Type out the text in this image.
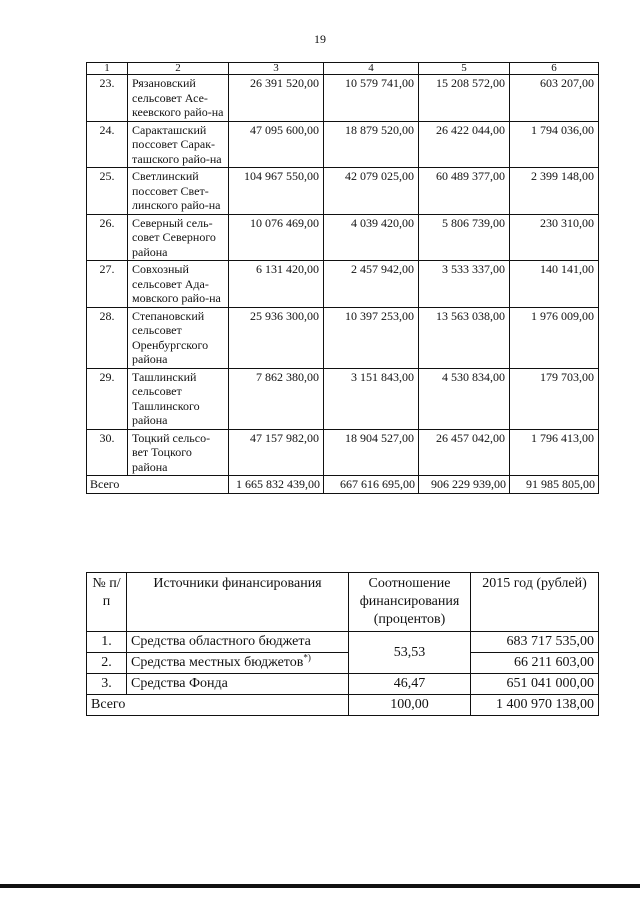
19
1	2	3	4	5	6
23.	Рязановский сельсовет Асе-кеевского райо-на	26 391 520,00	10 579 741,00	15 208 572,00	603 207,00
24.	Саракташский поссовет Сарак-ташского райо-на	47 095 600,00	18 879 520,00	26 422 044,00	1 794 036,00
25.	Светлинский поссовет Свет-линского райо-на	104 967 550,00	42 079 025,00	60 489 377,00	2 399 148,00
26.	Северный сель-совет Северного района	10 076 469,00	4 039 420,00	5 806 739,00	230 310,00
27.	Совхозный сельсовет Ада-мовского райо-на	6 131 420,00	2 457 942,00	3 533 337,00	140 141,00
28.	Степановский сельсовет Оренбургского района	25 936 300,00	10 397 253,00	13 563 038,00	1 976 009,00
29.	Ташлинский сельсовет Ташлинского района	7 862 380,00	3 151 843,00	4 530 834,00	179 703,00
30.	Тоцкий сельсо-вет Тоцкого района	47 157 982,00	18 904 527,00	26 457 042,00	1 796 413,00
Всего		1 665 832 439,00	667 616 695,00	906 229 939,00	91 985 805,00
№ п/п	Источники финансирования	Соотношение финансирования (процентов)	2015 год (рублей)
1.	Средства областного бюджета	53,53	683 717 535,00
2.	Средства местных бюджетов*)		66 211 603,00
3.	Средства Фонда	46,47	651 041 000,00
Всего		100,00	1 400 970 138,00
